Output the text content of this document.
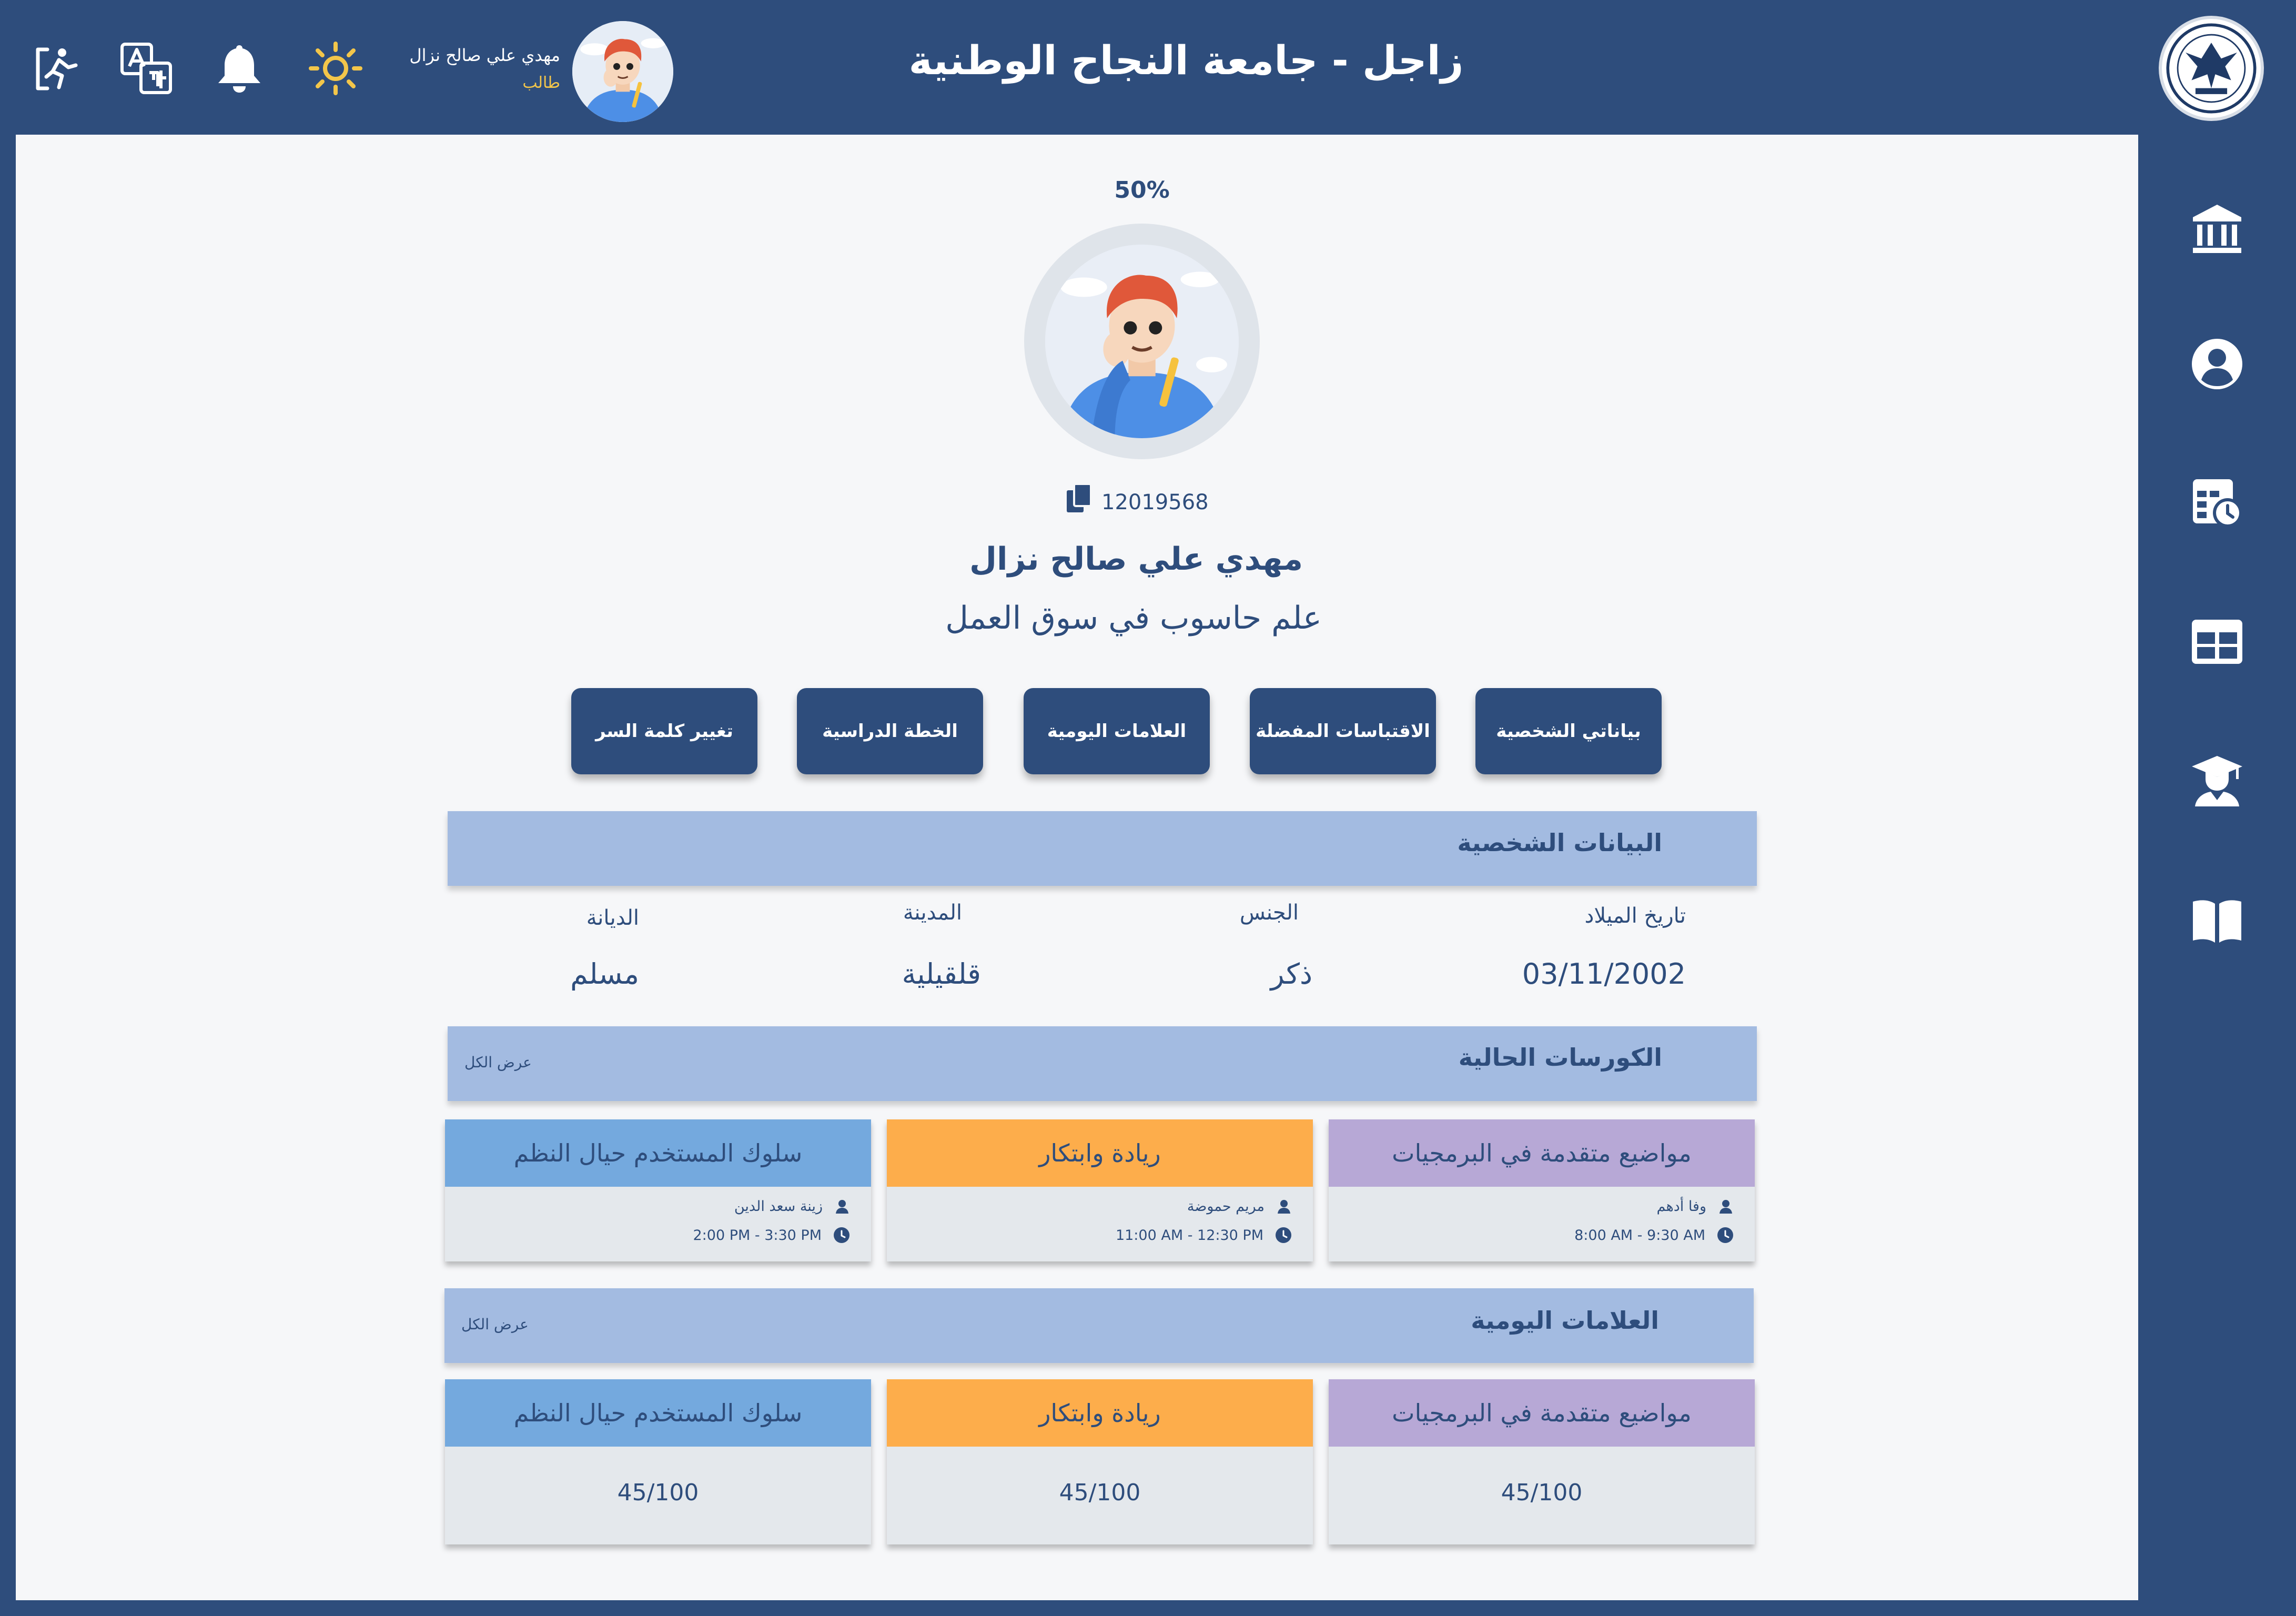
مهدي علي صالح نزال
طالب	زاجل - جامعة النجاح الوطنية
50%
12019568
مهدي علي صالح نزال
علم حاسوب في سوق العمل
بياناتي الشخصية
الاقتباسات المفضلة
العلامات اليومية
الخطة الدراسية
تغيير كلمة السر
البيانات الشخصية
تاريخ الميلاد
03/11/2002
الجنس
ذكر
المدينة
قلقيلية
الديانة
مسلم
الكورسات الحالية
عرض الكل
مواضيع متقدمة في البرمجيات
وفا أدهم
8:00 AM - 9:30 AM
ريادة وابتكار
مريم حموضة
11:00 AM - 12:30 PM
سلوك المستخدم حيال النظم
زينة سعد الدين
2:00 PM - 3:30 PM
العلامات اليومية
عرض الكل
مواضيع متقدمة في البرمجيات
45/100
ريادة وابتكار
45/100
سلوك المستخدم حيال النظم
45/100
